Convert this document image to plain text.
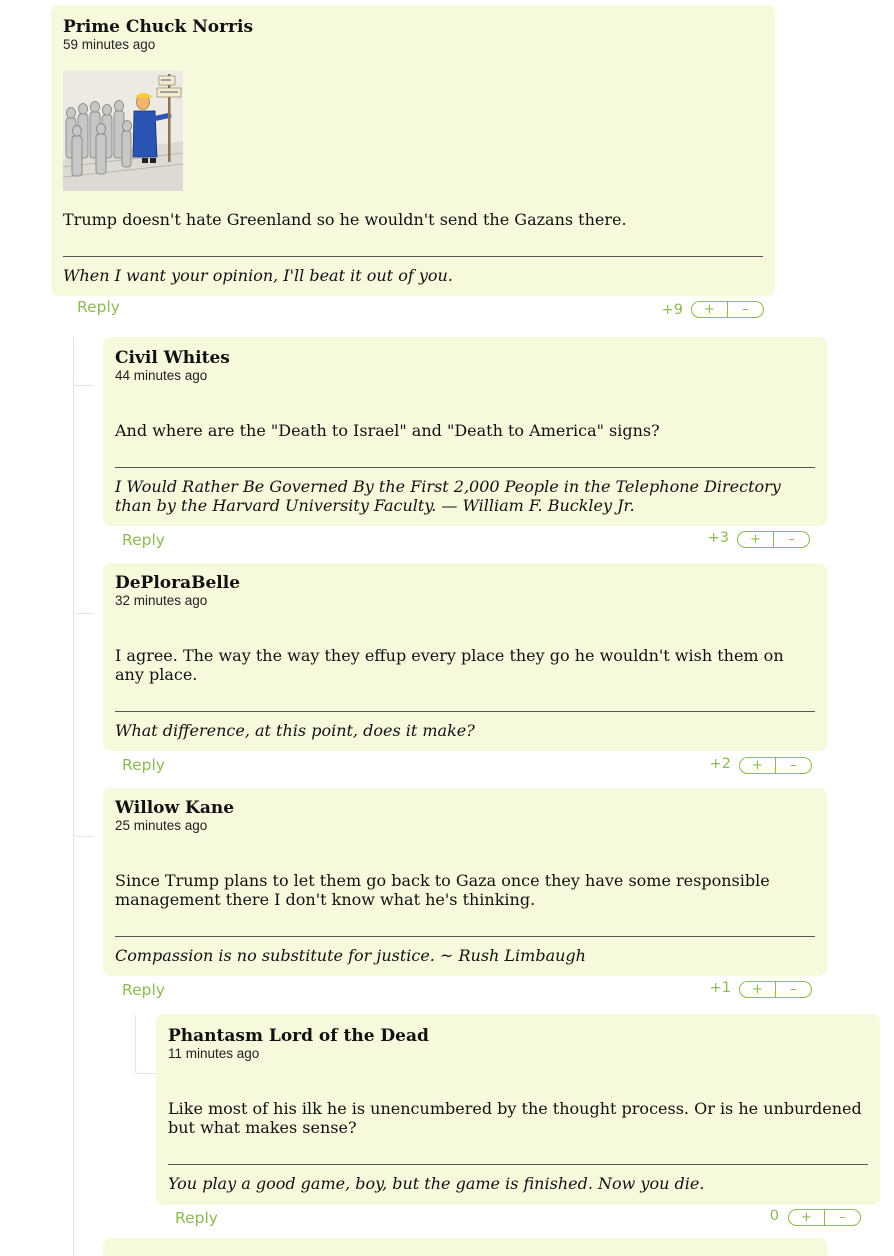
Prime Chuck Norris
59 minutes ago
Trump doesn't hate Greenland so he wouldn't send the Gazans there.
When I want your opinion, I'll beat it out of you.
Reply	+9 + –
Civil Whites
44 minutes ago
And where are the "Death to Israel" and "Death to America" signs?
I Would Rather Be Governed By the First 2,000 People in the Telephone Directory than by the Harvard University Faculty. — William F. Buckley Jr.
Reply	+3 + –
DePloraBelle
32 minutes ago
I agree. The way the way they effup every place they go he wouldn't wish them on any place.
What difference, at this point, does it make?
Reply	+2 + –
Willow Kane
25 minutes ago
Since Trump plans to let them go back to Gaza once they have some responsible management there I don't know what he's thinking.
Compassion is no substitute for justice. ~ Rush Limbaugh
Reply	+1 + –
Phantasm Lord of the Dead
11 minutes ago
Like most of his ilk he is unencumbered by the thought process. Or is he unburdened but what makes sense?
You play a good game, boy, but the game is finished. Now you die.
Reply	0 + –
